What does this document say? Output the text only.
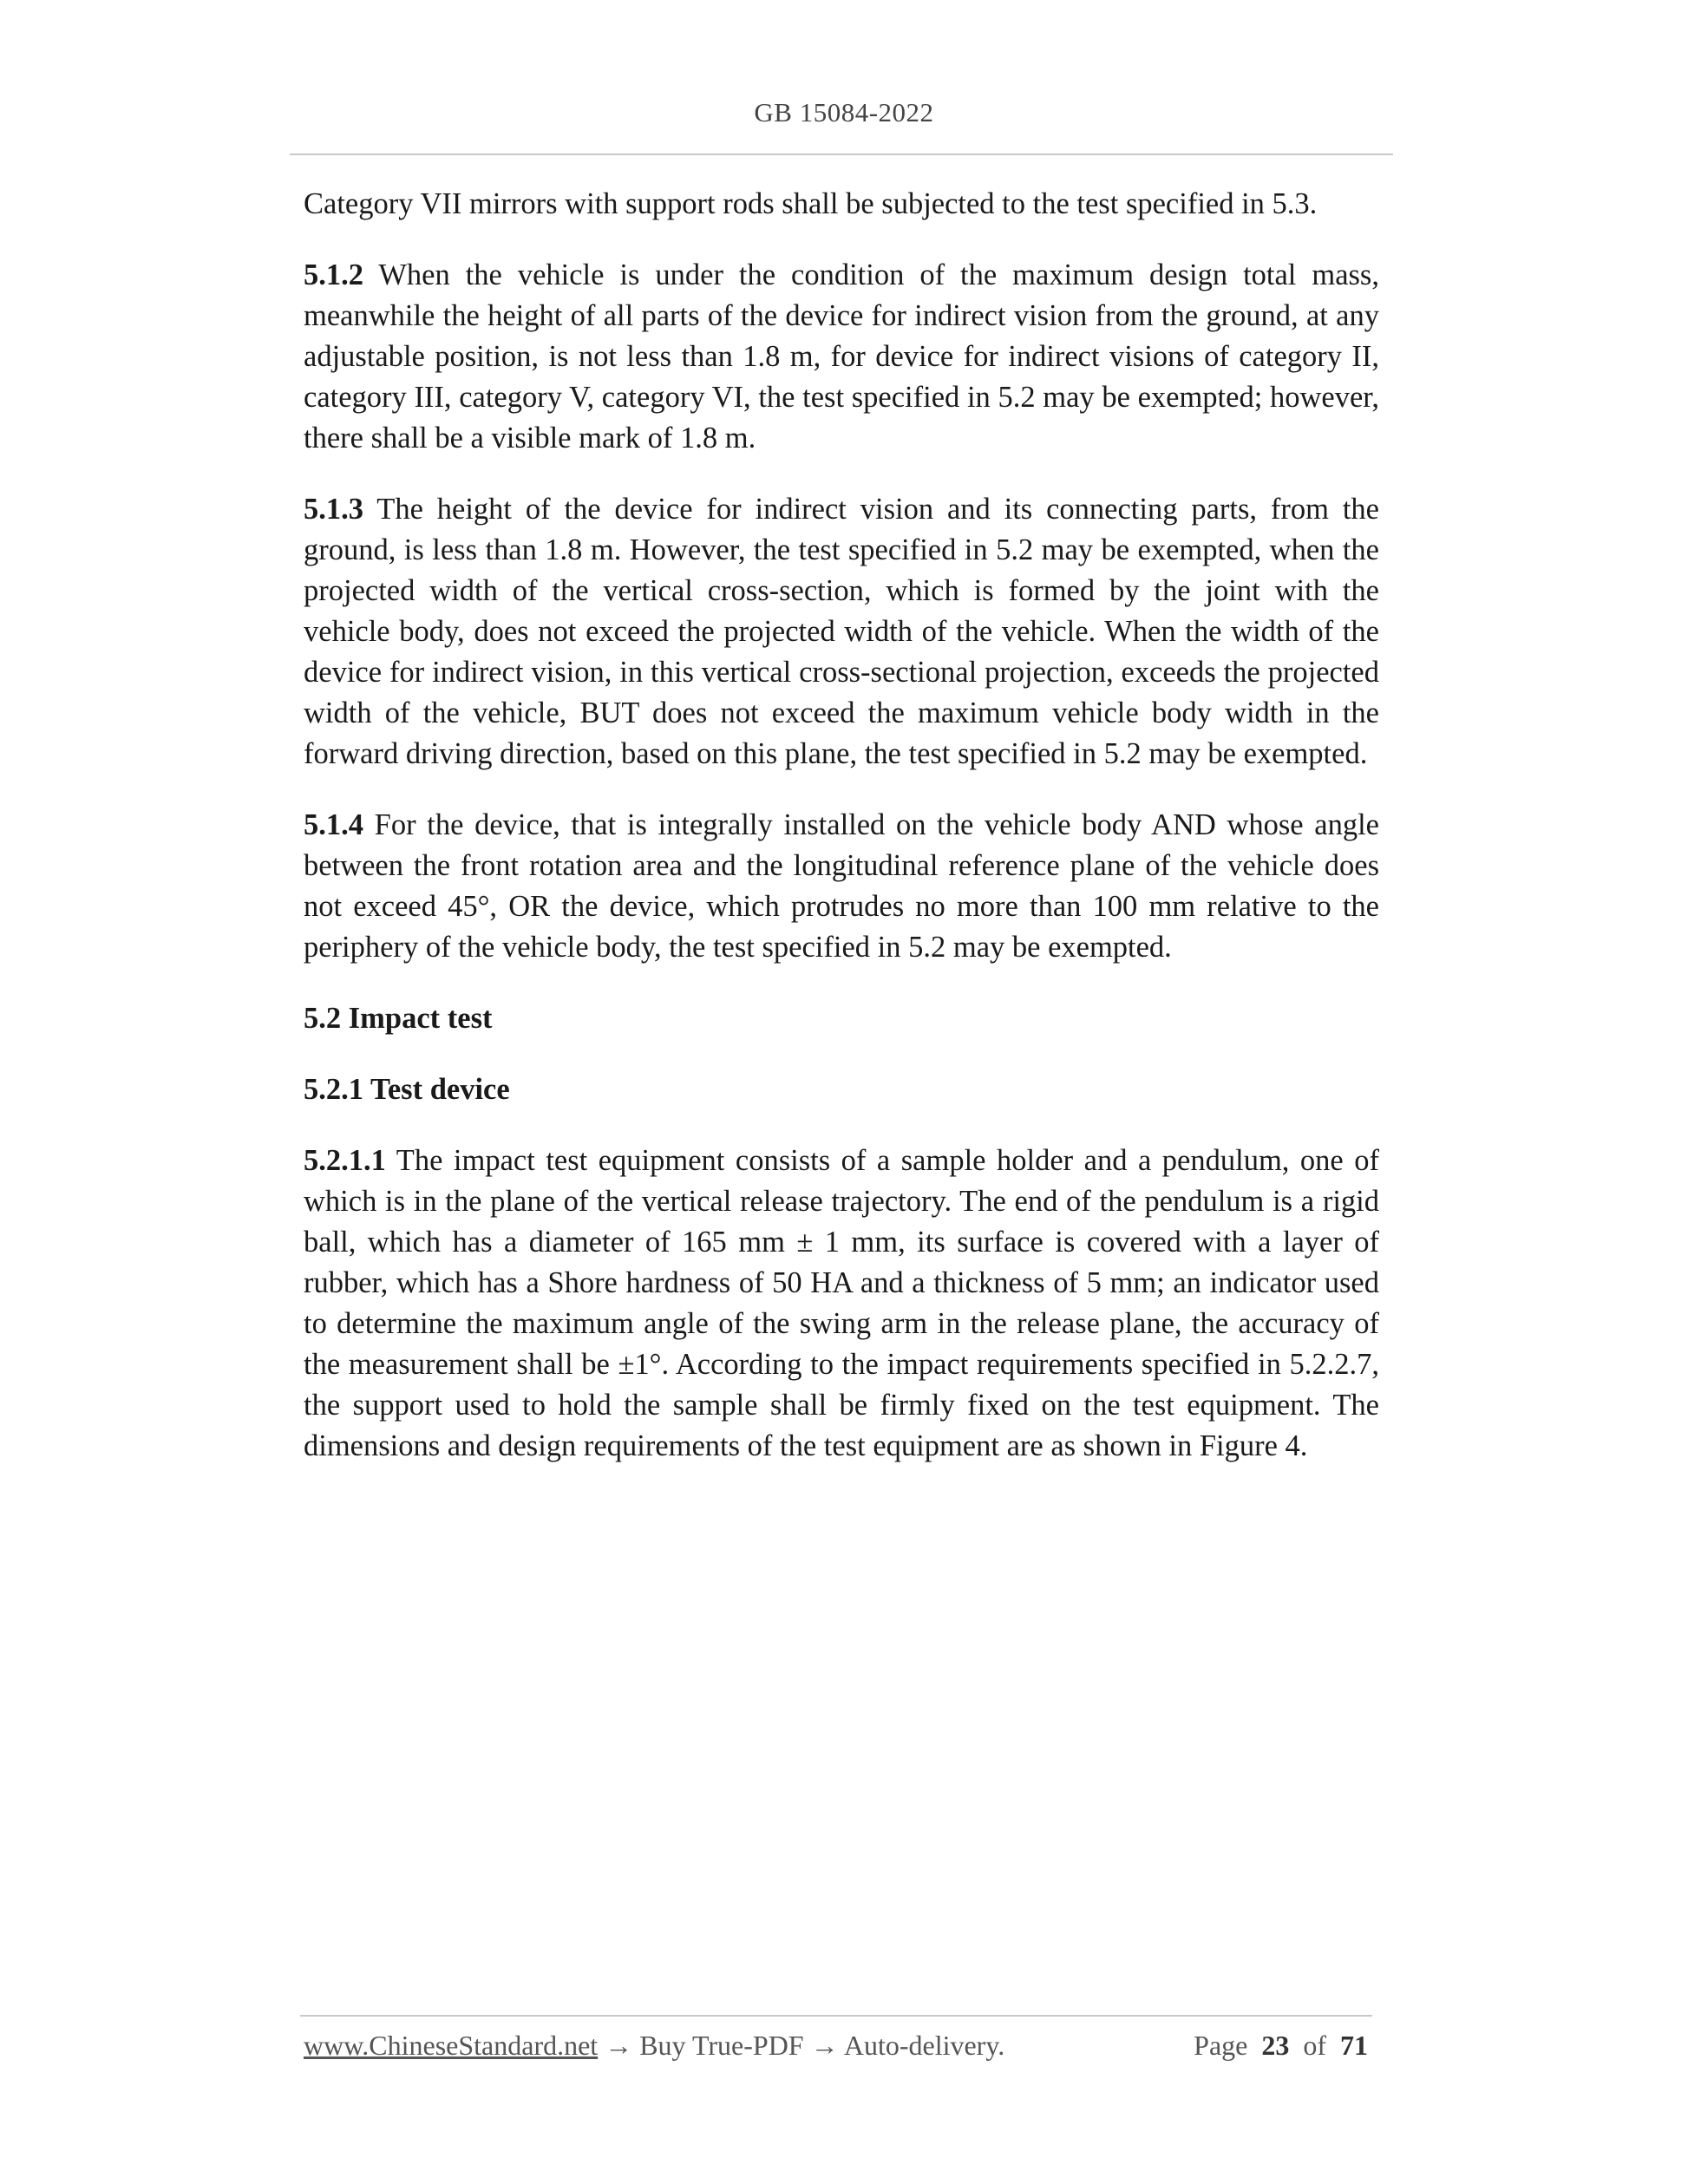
GB 15084-2022

Category VII mirrors with support rods shall be subjected to the test specified in 5.3.

5.1.2 When the vehicle is under the condition of the maximum design total mass, meanwhile the height of all parts of the device for indirect vision from the ground, at any adjustable position, is not less than 1.8 m, for device for indirect visions of category II, category III, category V, category VI, the test specified in 5.2 may be exempted; however, there shall be a visible mark of 1.8 m.

5.1.3 The height of the device for indirect vision and its connecting parts, from the ground, is less than 1.8 m. However, the test specified in 5.2 may be exempted, when the projected width of the vertical cross-section, which is formed by the joint with the vehicle body, does not exceed the projected width of the vehicle. When the width of the device for indirect vision, in this vertical cross-sectional projection, exceeds the projected width of the vehicle, BUT does not exceed the maximum vehicle body width in the forward driving direction, based on this plane, the test specified in 5.2 may be exempted.

5.1.4 For the device, that is integrally installed on the vehicle body AND whose angle between the front rotation area and the longitudinal reference plane of the vehicle does not exceed 45°, OR the device, which protrudes no more than 100 mm relative to the periphery of the vehicle body, the test specified in 5.2 may be exempted.

5.2 Impact test
5.2.1 Test device

5.2.1.1 The impact test equipment consists of a sample holder and a pendulum, one of which is in the plane of the vertical release trajectory. The end of the pendulum is a rigid ball, which has a diameter of 165 mm ± 1 mm, its surface is covered with a layer of rubber, which has a Shore hardness of 50 HA and a thickness of 5 mm; an indicator used to determine the maximum angle of the swing arm in the release plane, the accuracy of the measurement shall be ±1°. According to the impact requirements specified in 5.2.2.7, the support used to hold the sample shall be firmly fixed on the test equipment. The dimensions and design requirements of the test equipment are as shown in Figure 4.

www.ChineseStandard.net → Buy True-PDF → Auto-delivery.	Page 23 of 71
